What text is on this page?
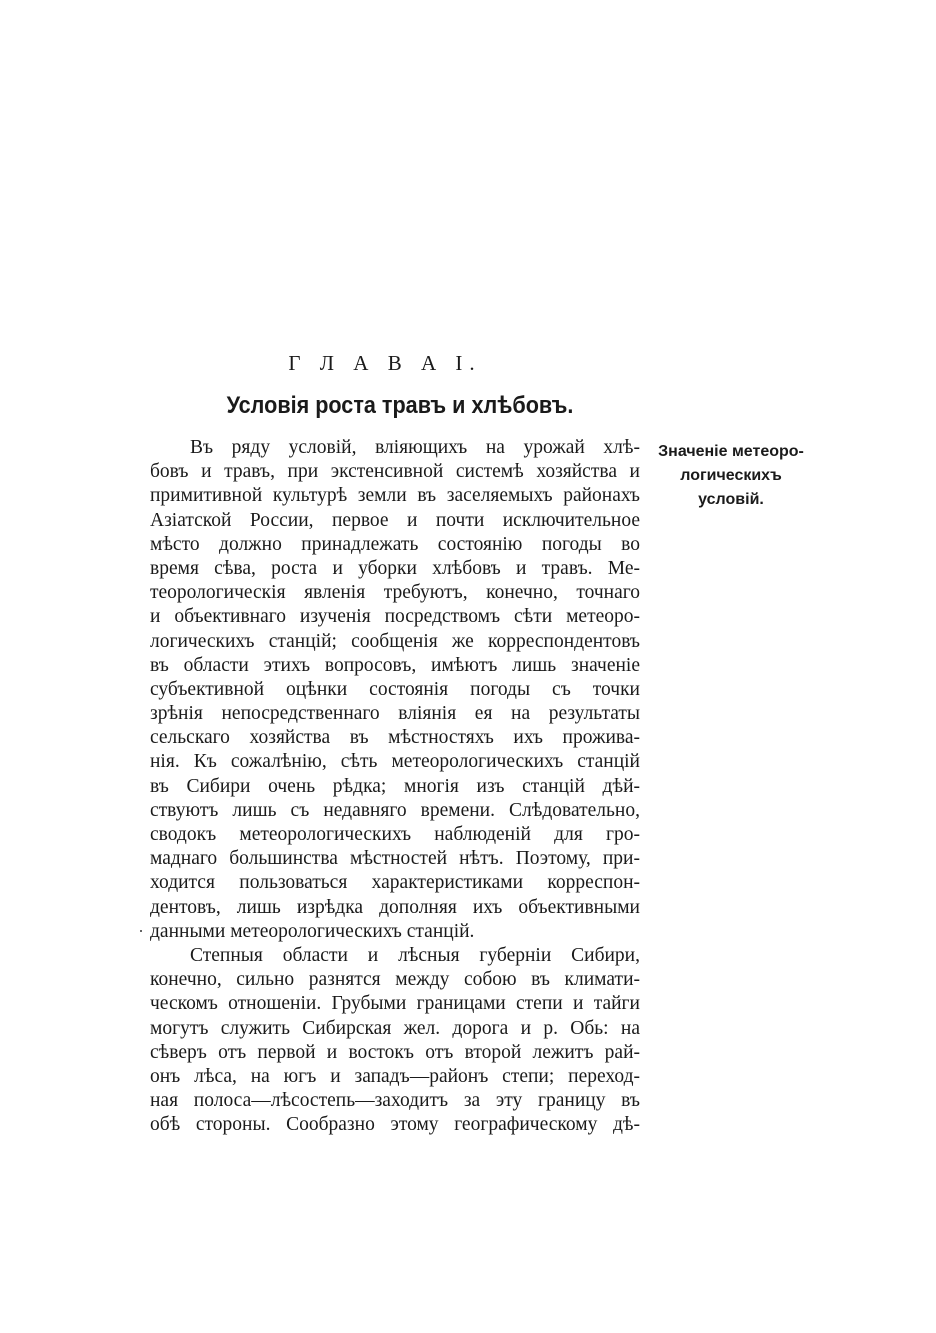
Г Л А В А I.
Условія роста травъ и хлѣбовъ.
Значеніе метеоро-
логическихъ
условій.
Въ ряду условій, вліяющихъ на урожай хлѣ-
бовъ и травъ, при экстенсивной системѣ хозяйства и
примитивной культурѣ земли въ заселяемыхъ районахъ
Азіатской России, первое и почти исключительное
мѣсто должно принадлежать состоянію погоды во
время сѣва, роста и уборки хлѣбовъ и травъ. Ме-
теорологическія явленія требуютъ, конечно, точнаго
и объективнаго изученія посредствомъ сѣти метеоро-
логическихъ станцій; сообщенія же корреспондентовъ
въ области этихъ вопросовъ, имѣютъ лишь значеніе
субъективной оцѣнки состоянія погоды съ точки
зрѣнія непосредственнаго вліянія ея на результаты
сельскаго хозяйства въ мѣстностяхъ ихъ прожива-
нія. Къ сожалѣнію, сѣть метеорологическихъ станцій
въ Сибири очень рѣдка; многія изъ станцій дѣй-
ствуютъ лишь съ недавняго времени. Слѣдовательно,
сводокъ метеорологическихъ наблюденій для гро-
маднаго большинства мѣстностей нѣтъ. Поэтому, при-
ходится пользоваться характеристиками корреспон-
дентовъ, лишь изрѣдка дополняя ихъ объективными
данными метеорологическихъ станцій.
Степныя области и лѣсныя губерніи Сибири,
конечно, сильно разнятся между собою въ климати-
ческомъ отношеніи. Грубыми границами степи и тайги
могутъ служить Сибирская жел. дорога и р. Обь: на
сѣверъ отъ первой и востокъ отъ второй лежитъ рай-
онъ лѣса, на югъ и западъ—районъ степи; переход-
ная полоса—лѣсостепь—заходитъ за эту границу въ
обѣ стороны. Сообразно этому географическому дѣ-
